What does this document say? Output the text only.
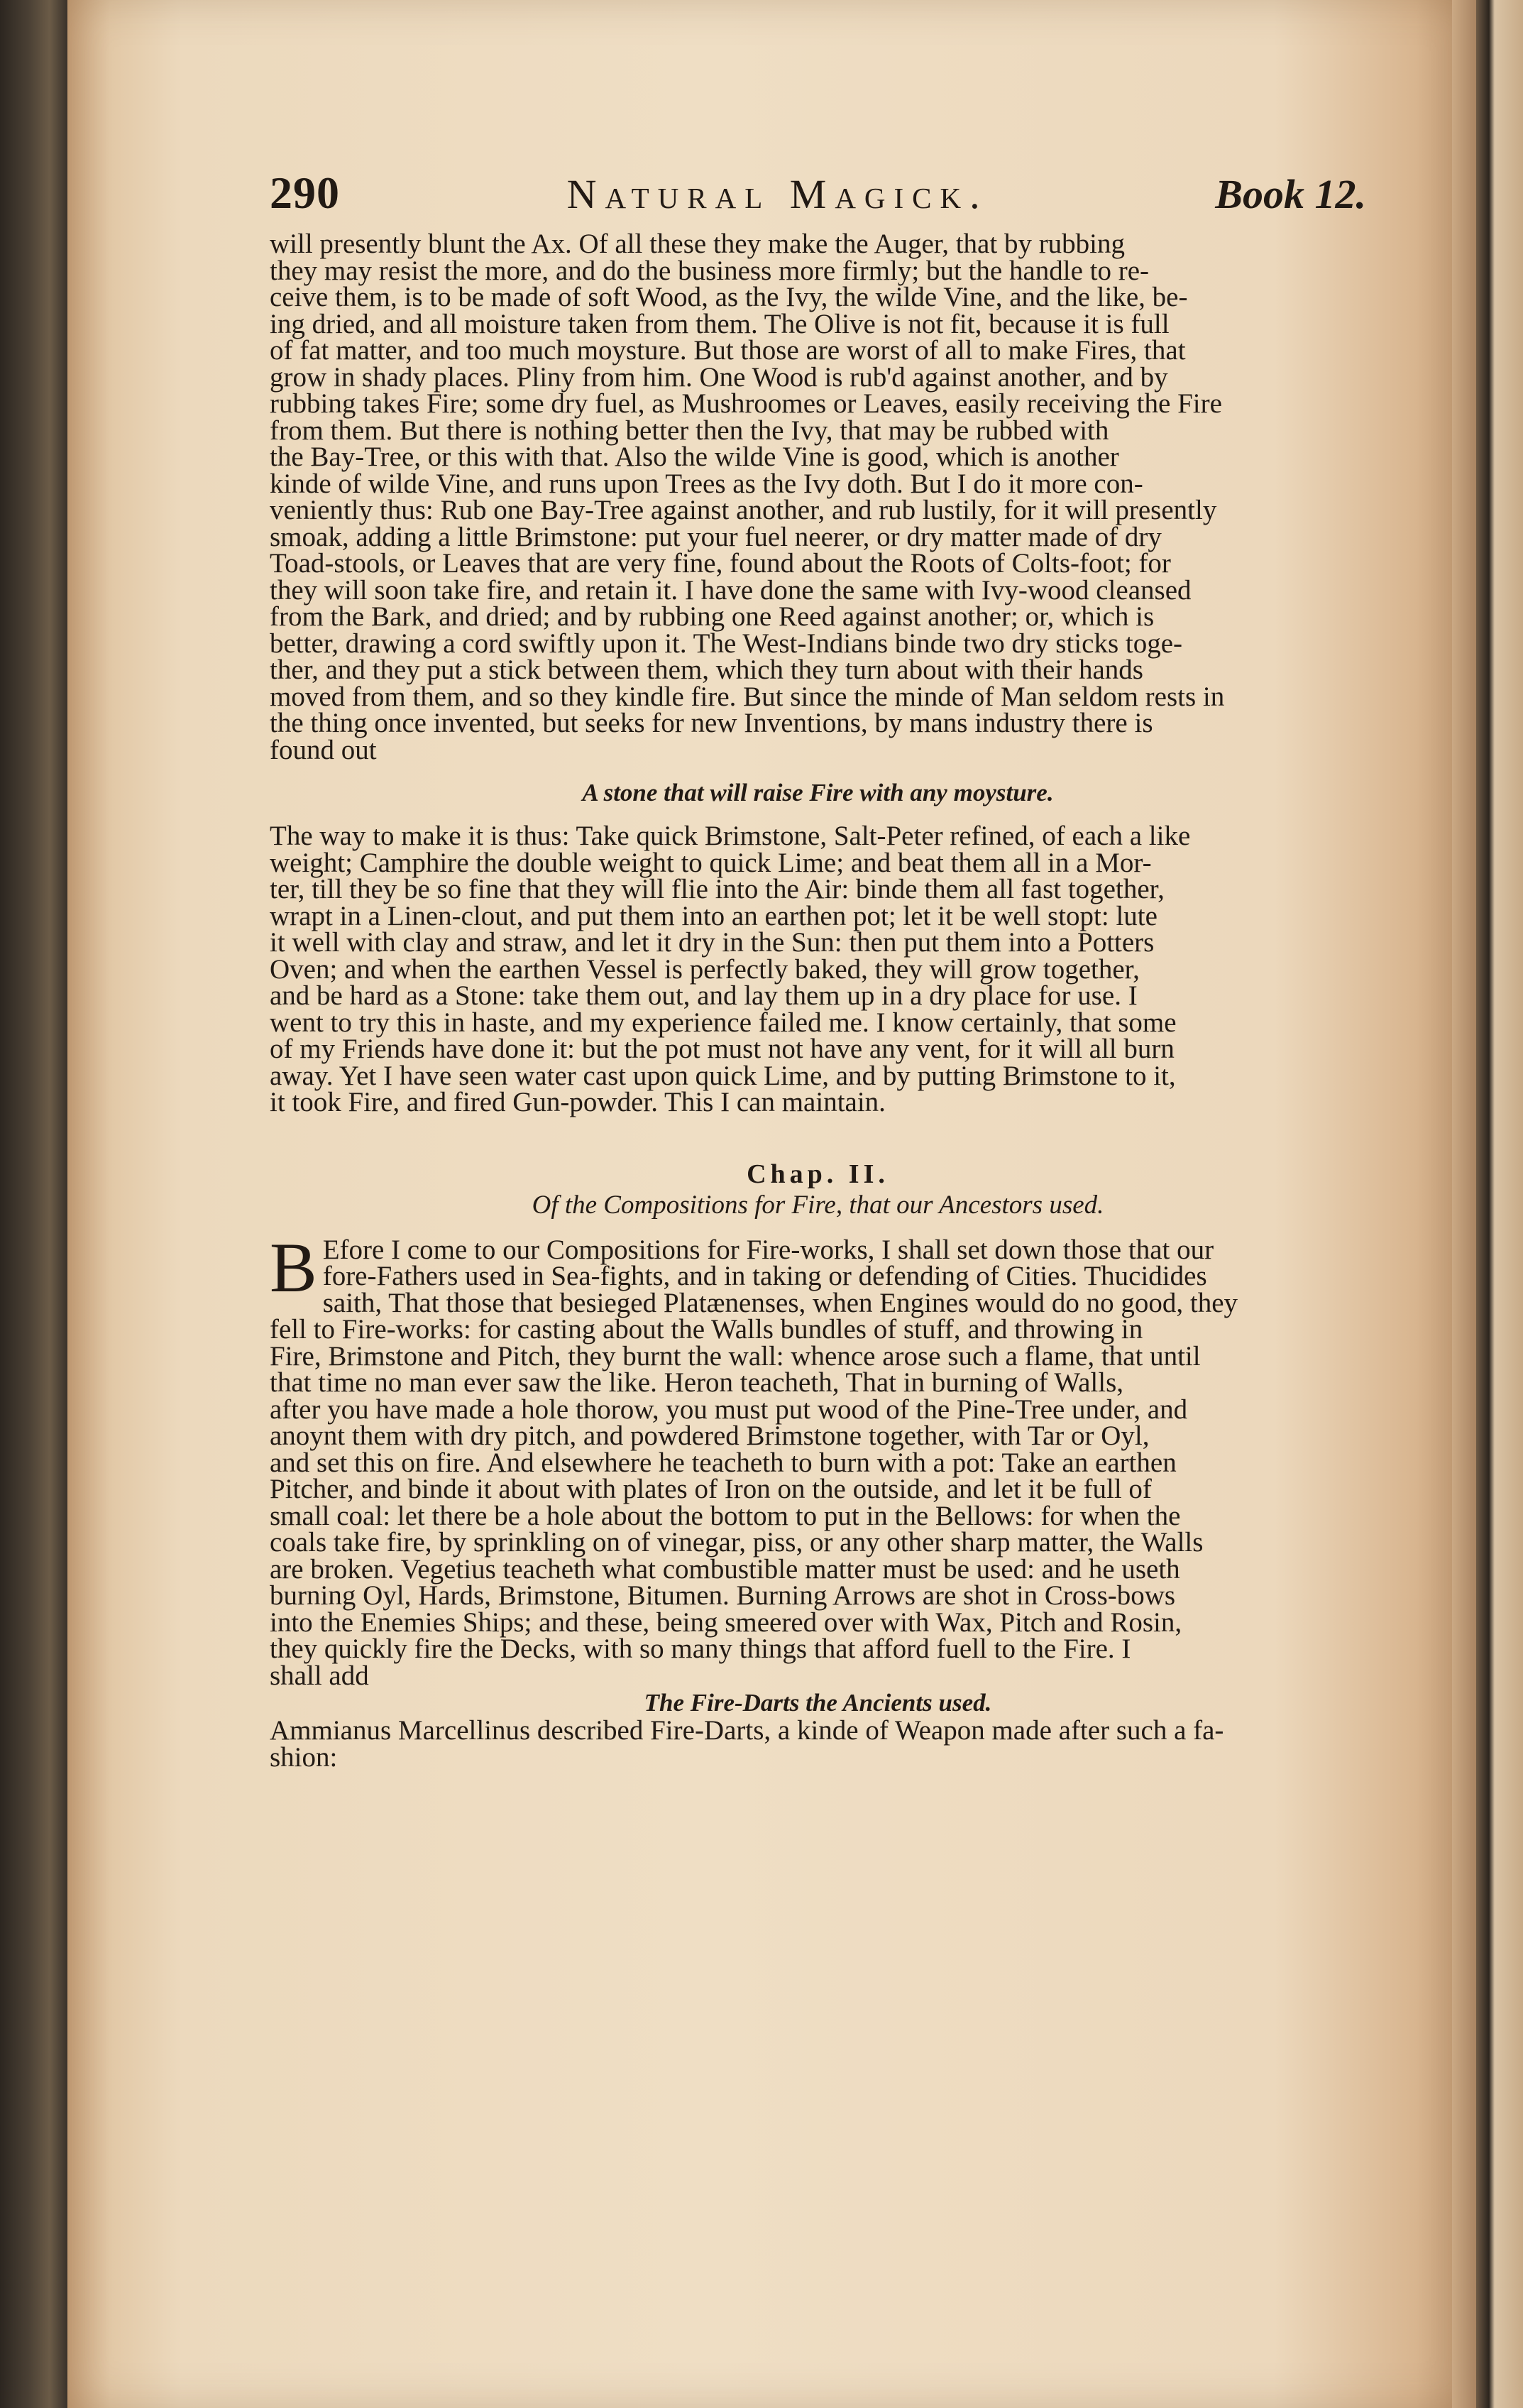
290	Natural Magick.	Book 12.

will presently blunt the Ax. Of all these they make the Auger, that by rubbing
they may resist the more, and do the business more firmly; but the handle to re-
ceive them, is to be made of soft Wood, as the Ivy, the wilde Vine, and the like, be-
ing dried, and all moisture taken from them. The Olive is not fit, because it is full
of fat matter, and too much moysture. But those are worst of all to make Fires, that
grow in shady places. Pliny from him. One Wood is rub'd against another, and by
rubbing takes Fire; some dry fuel, as Mushroomes or Leaves, easily receiving the Fire
from them. But there is nothing better then the Ivy, that may be rubbed with
the Bay-Tree, or this with that. Also the wilde Vine is good, which is another
kinde of wilde Vine, and runs upon Trees as the Ivy doth. But I do it more con-
veniently thus: Rub one Bay-Tree against another, and rub lustily, for it will presently
smoak, adding a little Brimstone: put your fuel neerer, or dry matter made of dry
Toad-stools, or Leaves that are very fine, found about the Roots of Colts-foot; for
they will soon take fire, and retain it. I have done the same with Ivy-wood cleansed
from the Bark, and dried; and by rubbing one Reed against another; or, which is
better, drawing a cord swiftly upon it. The West-Indians binde two dry sticks toge-
ther, and they put a stick between them, which they turn about with their hands
moved from them, and so they kindle fire. But since the minde of Man seldom rests in
the thing once invented, but seeks for new Inventions, by mans industry there is
found out

A stone that will raise Fire with any moysture.

The way to make it is thus: Take quick Brimstone, Salt-Peter refined, of each a like
weight; Camphire the double weight to quick Lime; and beat them all in a Mor-
ter, till they be so fine that they will flie into the Air: binde them all fast together,
wrapt in a Linen-clout, and put them into an earthen pot; let it be well stopt: lute
it well with clay and straw, and let it dry in the Sun: then put them into a Potters
Oven; and when the earthen Vessel is perfectly baked, they will grow together,
and be hard as a Stone: take them out, and lay them up in a dry place for use. I
went to try this in haste, and my experience failed me. I know certainly, that some
of my Friends have done it: but the pot must not have any vent, for it will all burn
away. Yet I have seen water cast upon quick Lime, and by putting Brimstone to it,
it took Fire, and fired Gun-powder. This I can maintain.

Chap. II.
Of the Compositions for Fire, that our Ancestors used.

B Efore I come to our Compositions for Fire-works, I shall set down those that our
fore-Fathers used in Sea-fights, and in taking or defending of Cities. Thucidides
saith, That those that besieged Platænenses, when Engines would do no good, they
fell to Fire-works: for casting about the Walls bundles of stuff, and throwing in
Fire, Brimstone and Pitch, they burnt the wall: whence arose such a flame, that until
that time no man ever saw the like. Heron teacheth, That in burning of Walls,
after you have made a hole thorow, you must put wood of the Pine-Tree under, and
anoynt them with dry pitch, and powdered Brimstone together, with Tar or Oyl,
and set this on fire. And elsewhere he teacheth to burn with a pot: Take an earthen
Pitcher, and binde it about with plates of Iron on the outside, and let it be full of
small coal: let there be a hole about the bottom to put in the Bellows: for when the
coals take fire, by sprinkling on of vinegar, piss, or any other sharp matter, the Walls
are broken. Vegetius teacheth what combustible matter must be used: and he useth
burning Oyl, Hards, Brimstone, Bitumen. Burning Arrows are shot in Cross-bows
into the Enemies Ships; and these, being smeered over with Wax, Pitch and Rosin,
they quickly fire the Decks, with so many things that afford fuell to the Fire. I
shall add

The Fire-Darts the Ancients used.

Ammianus Marcellinus described Fire-Darts, a kinde of Weapon made after such a fa-
shion:
